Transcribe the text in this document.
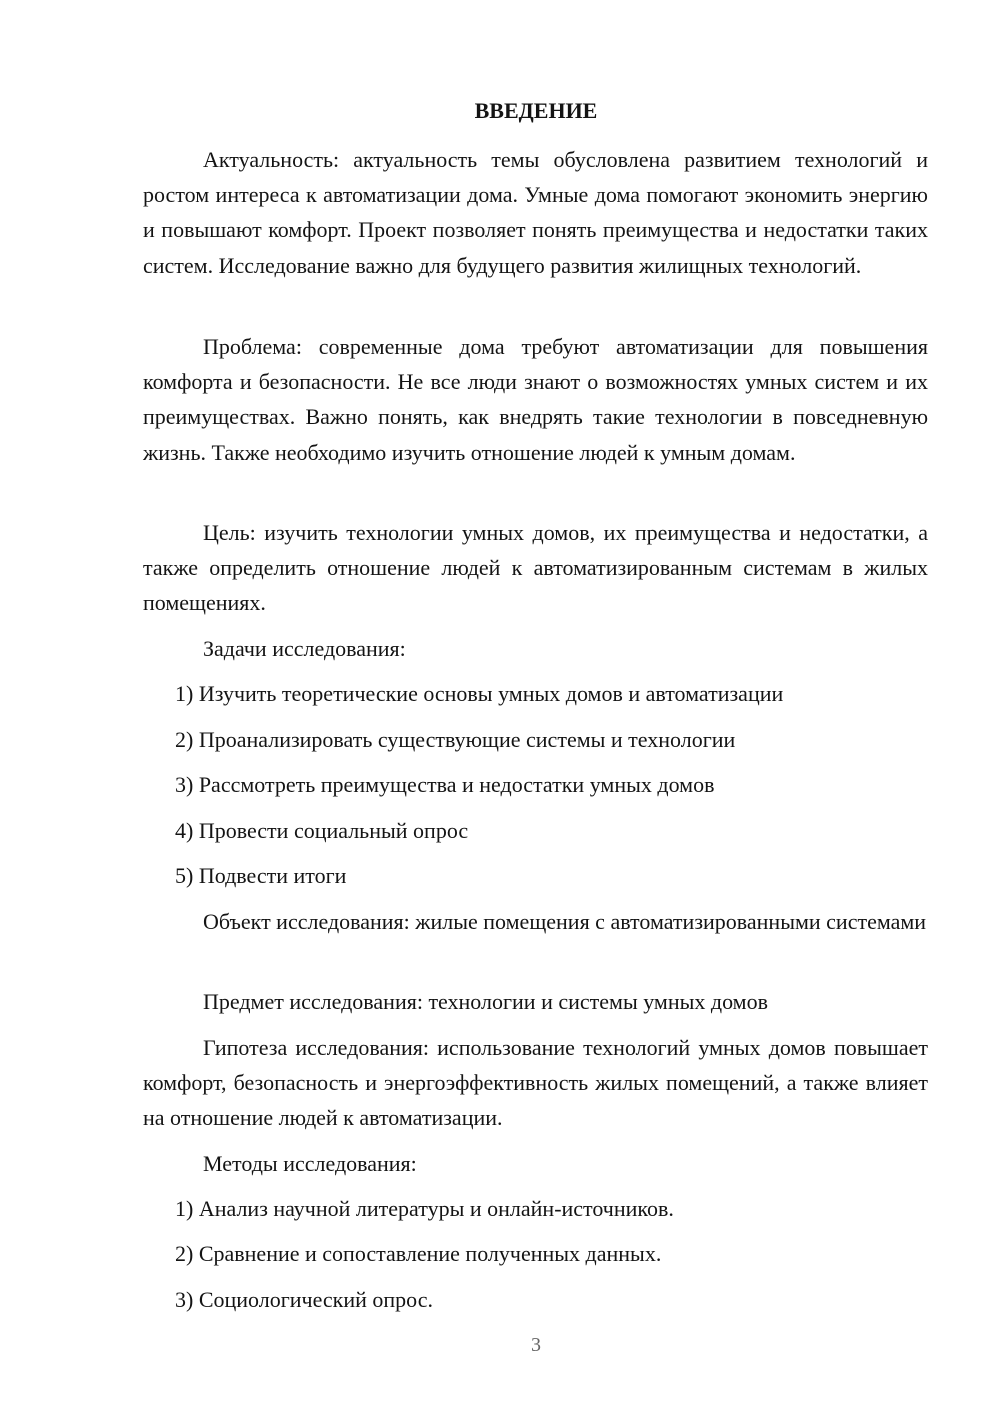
ВВЕДЕНИЕ

Актуальность: актуальность темы обусловлена развитием технологий и ростом интереса к автоматизации дома. Умные дома помогают экономить энергию и повышают комфорт. Проект позволяет понять преимущества и недостатки таких систем. Исследование важно для будущего развития жилищных технологий.

Проблема: современные дома требуют автоматизации для повышения комфорта и безопасности. Не все люди знают о возможностях умных систем и их преимуществах. Важно понять, как внедрять такие технологии в повседневную жизнь. Также необходимо изучить отношение людей к умным домам.

Цель: изучить технологии умных домов, их преимущества и недостатки, а также определить отношение людей к автоматизированным системам в жилых помещениях.

Задачи исследования:
1) Изучить теоретические основы умных домов и автоматизации
2) Проанализировать существующие системы и технологии
3) Рассмотреть преимущества и недостатки умных домов
4) Провести социальный опрос
5) Подвести итоги

Объект исследования: жилые помещения с автоматизированными системами

Предмет исследования: технологии и системы умных домов

Гипотеза исследования: использование технологий умных домов повышает комфорт, безопасность и энергоэффективность жилых помещений, а также влияет на отношение людей к автоматизации.

Методы исследования:
1) Анализ научной литературы и онлайн-источников.
2) Сравнение и сопоставление полученных данных.
3) Социологический опрос.
3
